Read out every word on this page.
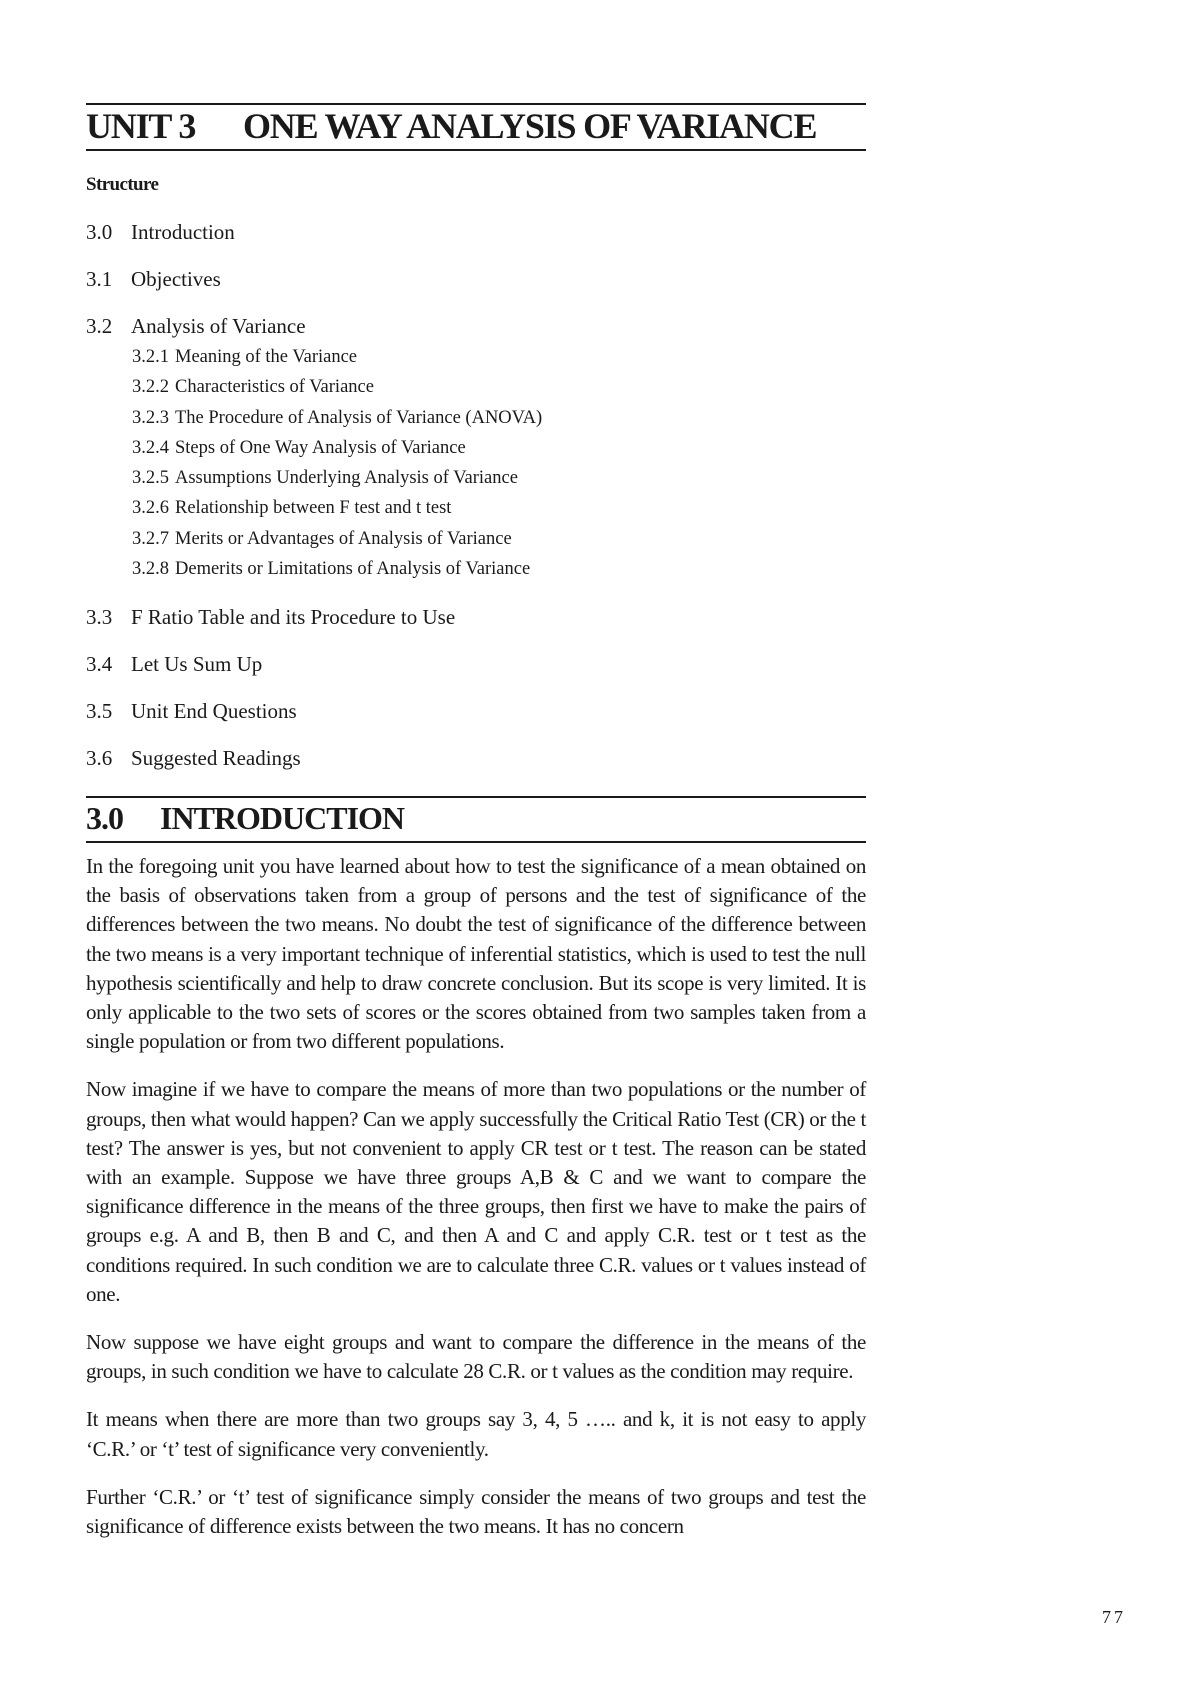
UNIT 3 ONE WAY ANALYSIS OF VARIANCE
Structure
3.0 Introduction
3.1 Objectives
3.2 Analysis of Variance
3.2.1 Meaning of the Variance
3.2.2 Characteristics of Variance
3.2.3 The Procedure of Analysis of Variance (ANOVA)
3.2.4 Steps of One Way Analysis of Variance
3.2.5 Assumptions Underlying Analysis of Variance
3.2.6 Relationship between F test and t test
3.2.7 Merits or Advantages of Analysis of Variance
3.2.8 Demerits or Limitations of Analysis of Variance
3.3 F Ratio Table and its Procedure to Use
3.4 Let Us Sum Up
3.5 Unit End Questions
3.6 Suggested Readings
3.0 INTRODUCTION

In the foregoing unit you have learned about how to test the significance of a mean obtained on the basis of observations taken from a group of persons and the test of significance of the differences between the two means. No doubt the test of significance of the difference between the two means is a very important technique of inferential statistics, which is used to test the null hypothesis scientifically and help to draw concrete conclusion. But its scope is very limited. It is only applicable to the two sets of scores or the scores obtained from two samples taken from a single population or from two different populations.

Now imagine if we have to compare the means of more than two populations or the number of groups, then what would happen? Can we apply successfully the Critical Ratio Test (CR) or the t test? The answer is yes, but not convenient to apply CR test or t test. The reason can be stated with an example. Suppose we have three groups A,B & C and we want to compare the significance difference in the means of the three groups, then first we have to make the pairs of groups e.g. A and B, then B and C, and then A and C and apply C.R. test or t test as the conditions required. In such condition we are to calculate three C.R. values or t values instead of one.

Now suppose we have eight groups and want to compare the difference in the means of the groups, in such condition we have to calculate 28 C.R. or t values as the condition may require.

It means when there are more than two groups say 3, 4, 5 ….. and k, it is not easy to apply ‘C.R.’ or ‘t’ test of significance very conveniently.

Further ‘C.R.’ or ‘t’ test of significance simply consider the means of two groups and test the significance of difference exists between the two means. It has no concern

77
